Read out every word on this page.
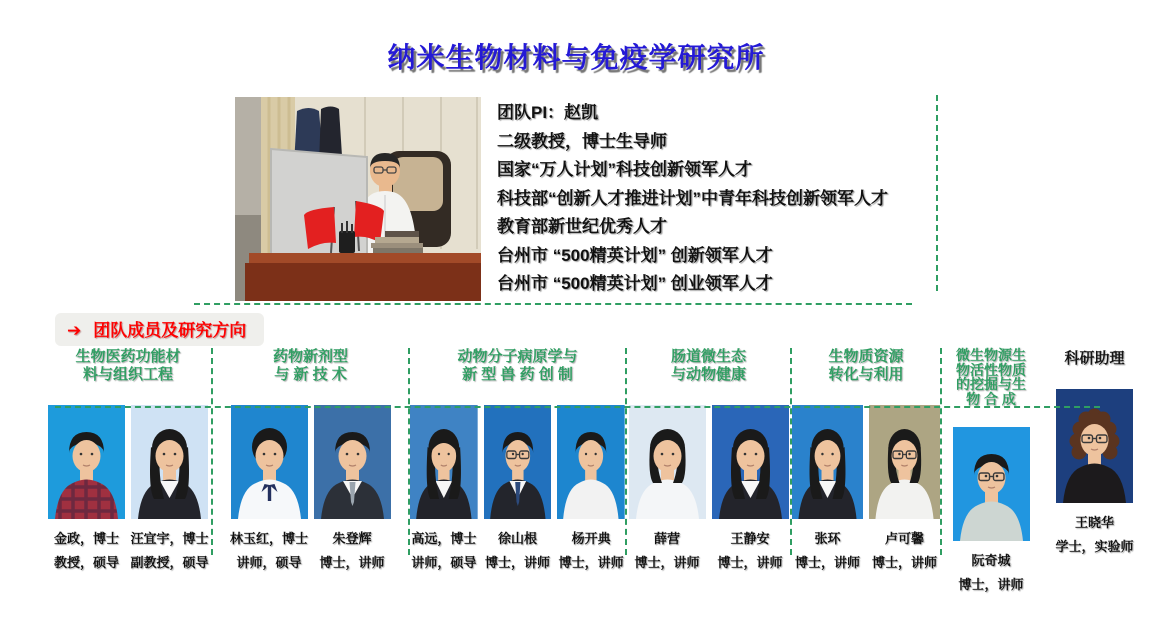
纳米生物材料与免疫学研究所
团队PI：赵凯
二级教授，博士生导师
国家“万人计划”科技创新领军人才
科技部“创新人才推进计划”中青年科技创新领军人才
教育部新世纪优秀人才
台州市 “500精英计划” 创新领军人才
台州市 “500精英计划” 创业领军人才
➔ 团队成员及研究方向
生物医药功能材
料与组织工程
金政，博士
教授，硕导
汪宜宇，博士
副教授，硕导
药物新剂型
与 新 技 术
林玉红，博士
讲师，硕导
朱登辉
博士，讲师
动物分子病原学与
新 型 兽 药 创 制
高远，博士
讲师，硕导
徐山根
博士，讲师
杨开典
博士，讲师
肠道微生态
与动物健康
薛营
博士，讲师
王静安
博士，讲师
生物质资源
转化与利用
张环
博士，讲师
卢可馨
博士，讲师
微生物源生
物活性物质
的挖掘与生
物 合 成
阮奇城
博士，讲师
科研助理
王晓华
学士，实验师
